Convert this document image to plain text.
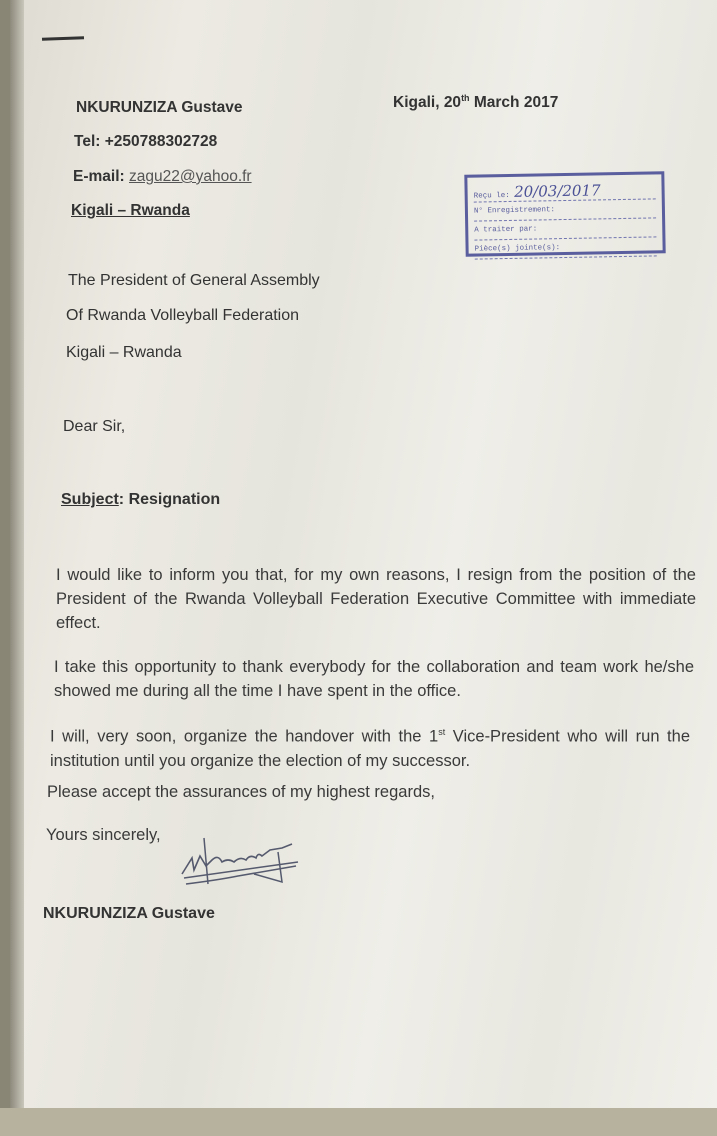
NKURUNZIZA Gustave
Tel: +250788302728
E-mail: zagu22@yahoo.fr
Kigali – Rwanda
Kigali, 20th March 2017
Reçu le: 20/03/2017
N° Enregistrement:
A traiter par:
Pièce(s) jointe(s):
The President of General Assembly
Of Rwanda Volleyball Federation
Kigali – Rwanda
Dear Sir,
Subject: Resignation
I would like to inform you that, for my own reasons, I resign from the position of the President of the Rwanda Volleyball Federation Executive Committee with immediate effect.
I take this opportunity to thank everybody for the collaboration and team work he/she showed me during all the time I have spent in the office.
I will, very soon, organize the handover with the 1st Vice-President who will run the institution until you organize the election of my successor.
Please accept the assurances of my highest regards,
Yours sincerely,
NKURUNZIZA Gustave
